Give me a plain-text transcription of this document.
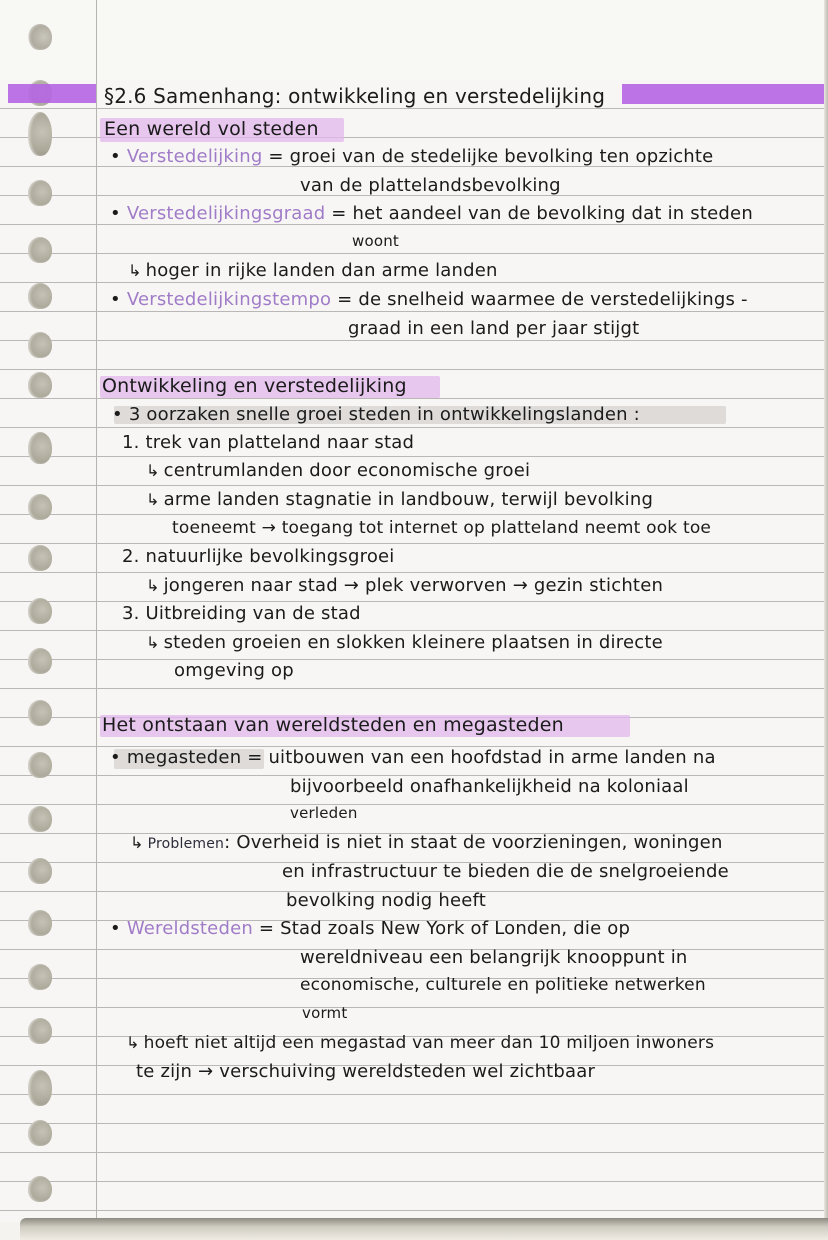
§2.6 Samenhang: ontwikkeling en verstedelijking
Een wereld vol steden
• Verstedelijking = groei van de stedelijke bevolking ten opzichte
van de plattelandsbevolking
• Verstedelijkingsgraad = het aandeel van de bevolking dat in steden
woont
↳ hoger in rijke landen dan arme landen
• Verstedelijkingstempo = de snelheid waarmee de verstedelijkings -
graad in een land per jaar stijgt
Ontwikkeling en verstedelijking
• 3 oorzaken snelle groei steden in ontwikkelingslanden :
1. trek van platteland naar stad
↳ centrumlanden door economische groei
↳ arme landen stagnatie in landbouw, terwijl bevolking
toeneemt → toegang tot internet op platteland neemt ook toe
2. natuurlijke bevolkingsgroei
↳ jongeren naar stad → plek verworven → gezin stichten
3. Uitbreiding van de stad
↳ steden groeien en slokken kleinere plaatsen in directe
omgeving op
Het ontstaan van wereldsteden en megasteden
• megasteden = uitbouwen van een hoofdstad in arme landen na
bijvoorbeeld onafhankelijkheid na koloniaal
verleden
↳ Problemen: Overheid is niet in staat de voorzieningen, woningen
en infrastructuur te bieden die de snelgroeiende
bevolking nodig heeft
• Wereldsteden = Stad zoals New York of Londen, die op
wereldniveau een belangrijk knooppunt in
economische, culturele en politieke netwerken
vormt
↳ hoeft niet altijd een megastad van meer dan 10 miljoen inwoners
te zijn → verschuiving wereldsteden wel zichtbaar
